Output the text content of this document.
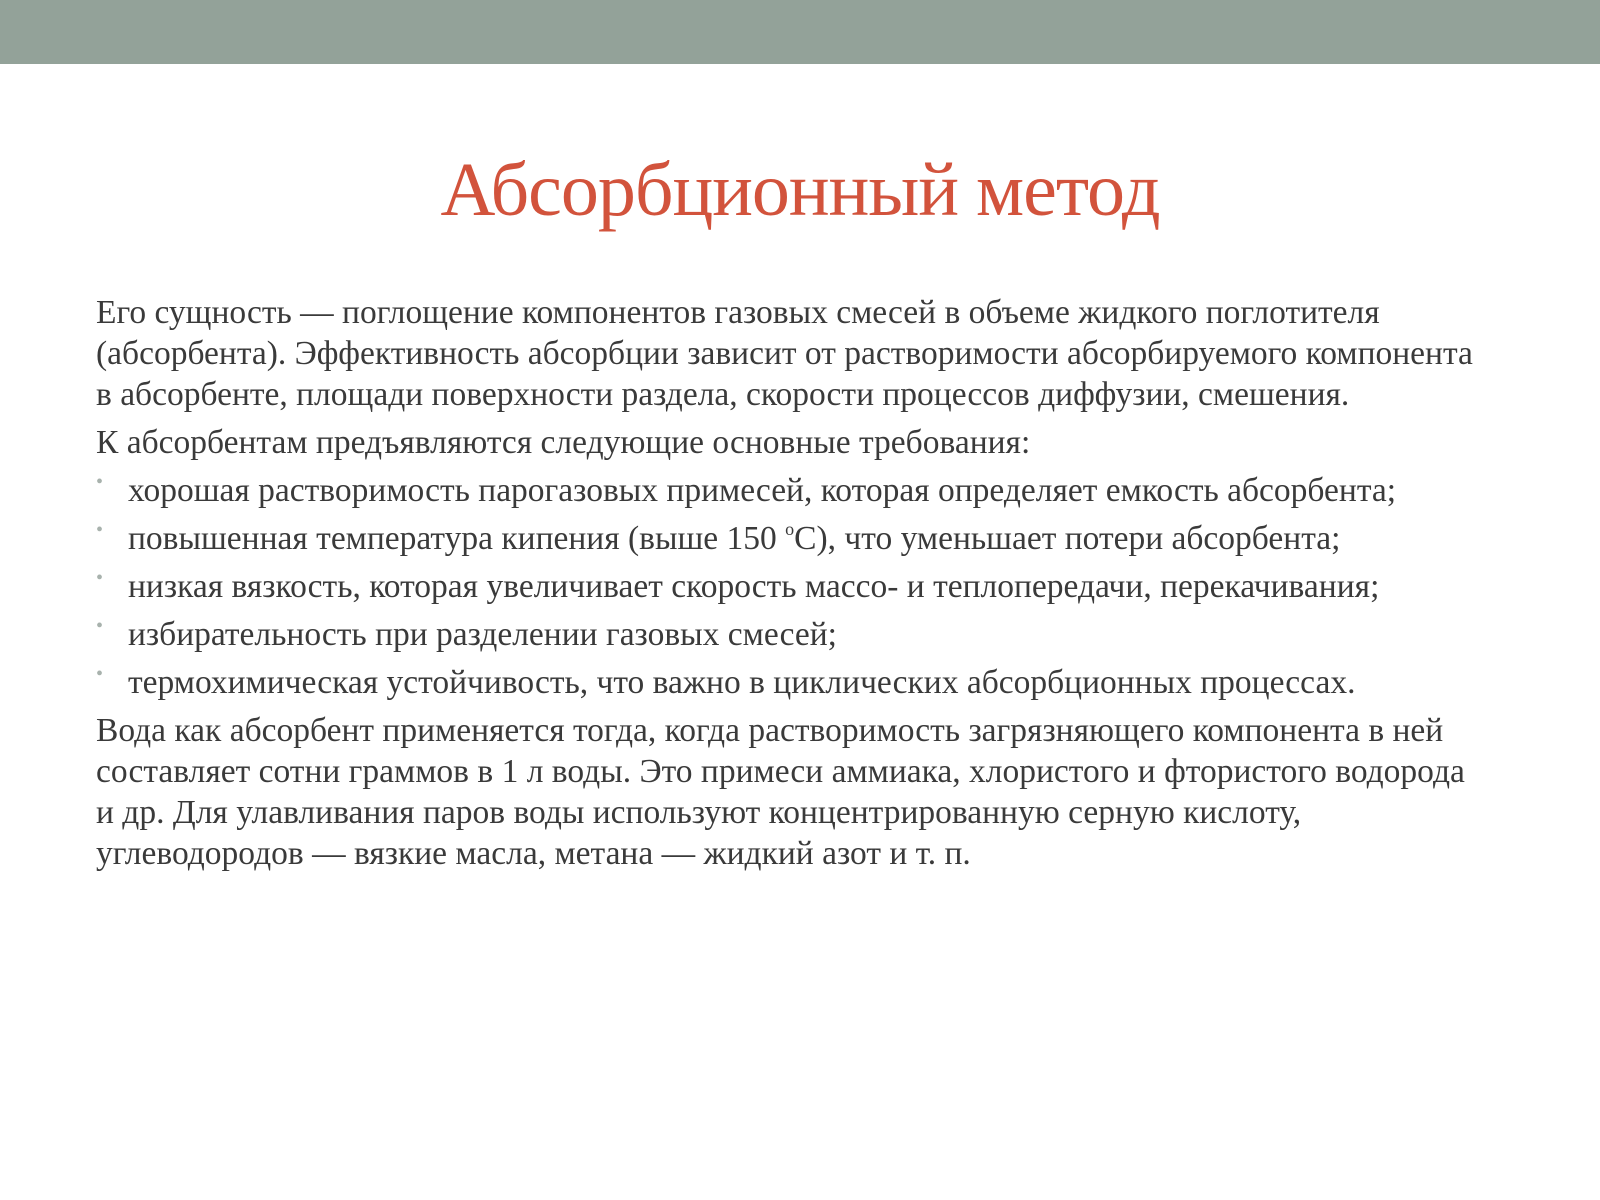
Абсорбционный метод

Его сущность — поглощение компонентов газовых смесей в объеме жидкого поглотителя (абсорбента). Эффективность абсорбции зависит от растворимости абсорбируемого компонента в абсорбенте, площади поверхности раздела, скорости процессов диффузии, смешения.

К абсорбентам предъявляются следующие основные требования:

• хорошая растворимость парогазовых примесей, которая определяет емкость абсорбента;
• повышенная температура кипения (выше 150 $^о$С), что уменьшает потери абсорбента;
• низкая вязкость, которая увеличивает скорость массо- и теплопередачи, перекачивания;
• избирательность при разделении газовых смесей;
• термохимическая устойчивость, что важно в циклических абсорбционных процессах.

Вода как абсорбент применяется тогда, когда растворимость загрязняющего компонента в ней составляет сотни граммов в 1 л воды. Это примеси аммиака, хлористого и фтористого водорода и др. Для улавливания паров воды используют концентрированную серную кислоту, углеводородов — вязкие масла, метана — жидкий азот и т. п.
